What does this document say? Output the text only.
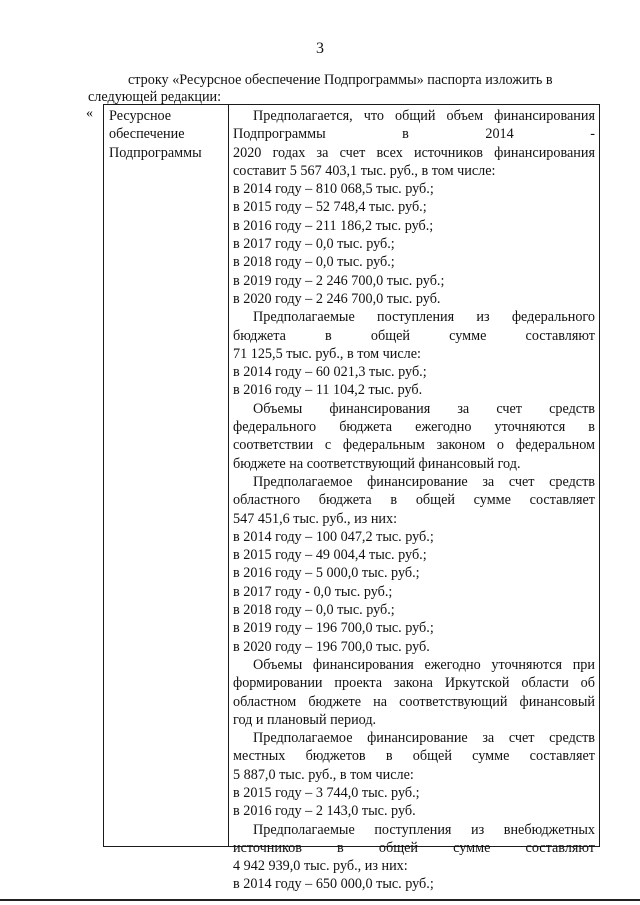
3

строку «Ресурсное обеспечение Подпрограммы» паспорта изложить в
следующей редакции:

« Ресурсное
обеспечение
Подпрограммы
Предполагается, что общий объем финансирования
Подпрограммы в 2014 -
2020 годах за счет всех источников финансирования
составит 5 567 403,1 тыс. руб., в том числе:
в 2014 году – 810 068,5 тыс. руб.;
в 2015 году – 52 748,4 тыс. руб.;
в 2016 году – 211 186,2 тыс. руб.;
в 2017 году – 0,0 тыс. руб.;
в 2018 году – 0,0 тыс. руб.;
в 2019 году – 2 246 700,0 тыс. руб.;
в 2020 году – 2 246 700,0 тыс. руб.
Предполагаемые поступления из федерального
бюджета в общей сумме составляют
71 125,5 тыс. руб., в том числе:
в 2014 году – 60 021,3 тыс. руб.;
в 2016 году – 11 104,2 тыс. руб.
Объемы финансирования за счет средств
федерального бюджета ежегодно уточняются в
соответствии с федеральным законом о федеральном
бюджете на соответствующий финансовый год.
Предполагаемое финансирование за счет средств
областного бюджета в общей сумме составляет
547 451,6 тыс. руб., из них:
в 2014 году – 100 047,2 тыс. руб.;
в 2015 году – 49 004,4 тыс. руб.;
в 2016 году – 5 000,0 тыс. руб.;
в 2017 году - 0,0 тыс. руб.;
в 2018 году – 0,0 тыс. руб.;
в 2019 году – 196 700,0 тыс. руб.;
в 2020 году – 196 700,0 тыс. руб.
Объемы финансирования ежегодно уточняются при
формировании проекта закона Иркутской области об
областном бюджете на соответствующий финансовый
год и плановый период.
Предполагаемое финансирование за счет средств
местных бюджетов в общей сумме составляет
5 887,0 тыс. руб., в том числе:
в 2015 году – 3 744,0 тыс. руб.;
в 2016 году – 2 143,0 тыс. руб.
Предполагаемые поступления из внебюджетных
источников в общей сумме составляют
4 942 939,0 тыс. руб., из них:
в 2014 году – 650 000,0 тыс. руб.;
